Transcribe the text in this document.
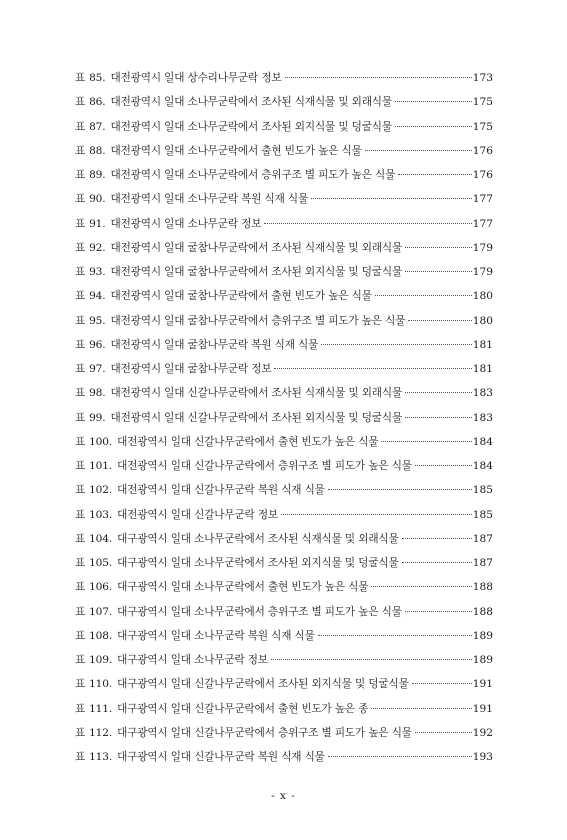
표 85. 대전광역시 일대 상수리나무군락 정보	173
표 86. 대전광역시 일대 소나무군락에서 조사된 식재식물 및 외래식물	175
표 87. 대전광역시 일대 소나무군락에서 조사된 외지식물 및 덩굴식물	175
표 88. 대전광역시 일대 소나무군락에서 출현 빈도가 높은 식물	176
표 89. 대전광역시 일대 소나무군락에서 층위구조 별 피도가 높은 식물	176
표 90. 대전광역시 일대 소나무군락 복원 식재 식물	177
표 91. 대전광역시 일대 소나무군락 정보	177
표 92. 대전광역시 일대 굴참나무군락에서 조사된 식재식물 및 외래식물	179
표 93. 대전광역시 일대 굴참나무군락에서 조사된 외지식물 및 덩굴식물	179
표 94. 대전광역시 일대 굴참나무군락에서 출현 빈도가 높은 식물	180
표 95. 대전광역시 일대 굴참나무군락에서 층위구조 별 피도가 높은 식물	180
표 96. 대전광역시 일대 굴참나무군락 복원 식재 식물	181
표 97. 대전광역시 일대 굴참나무군락 정보	181
표 98. 대전광역시 일대 신갈나무군락에서 조사된 식재식물 및 외래식물	183
표 99. 대전광역시 일대 신갈나무군락에서 조사된 외지식물 및 덩굴식물	183
표 100. 대전광역시 일대 신갈나무군락에서 출현 빈도가 높은 식물	184
표 101. 대전광역시 일대 신갈나무군락에서 층위구조 별 피도가 높은 식물	184
표 102. 대전광역시 일대 신갈나무군락 복원 식재 식물	185
표 103. 대전광역시 일대 신갈나무군락 정보	185
표 104. 대구광역시 일대 소나무군락에서 조사된 식재식물 및 외래식물	187
표 105. 대구광역시 일대 소나무군락에서 조사된 외지식물 및 덩굴식물	187
표 106. 대구광역시 일대 소나무군락에서 출현 빈도가 높은 식물	188
표 107. 대구광역시 일대 소나무군락에서 층위구조 별 피도가 높은 식물	188
표 108. 대구광역시 일대 소나무군락 복원 식재 식물	189
표 109. 대구광역시 일대 소나무군락 정보	189
표 110. 대구광역시 일대 신갈나무군락에서 조사된 외지식물 및 덩굴식물	191
표 111. 대구광역시 일대 신갈나무군락에서 출현 빈도가 높은 종	191
표 112. 대구광역시 일대 신갈나무군락에서 층위구조 별 피도가 높은 식물	192
표 113. 대구광역시 일대 신갈나무군락 복원 식재 식물	193
- x -
